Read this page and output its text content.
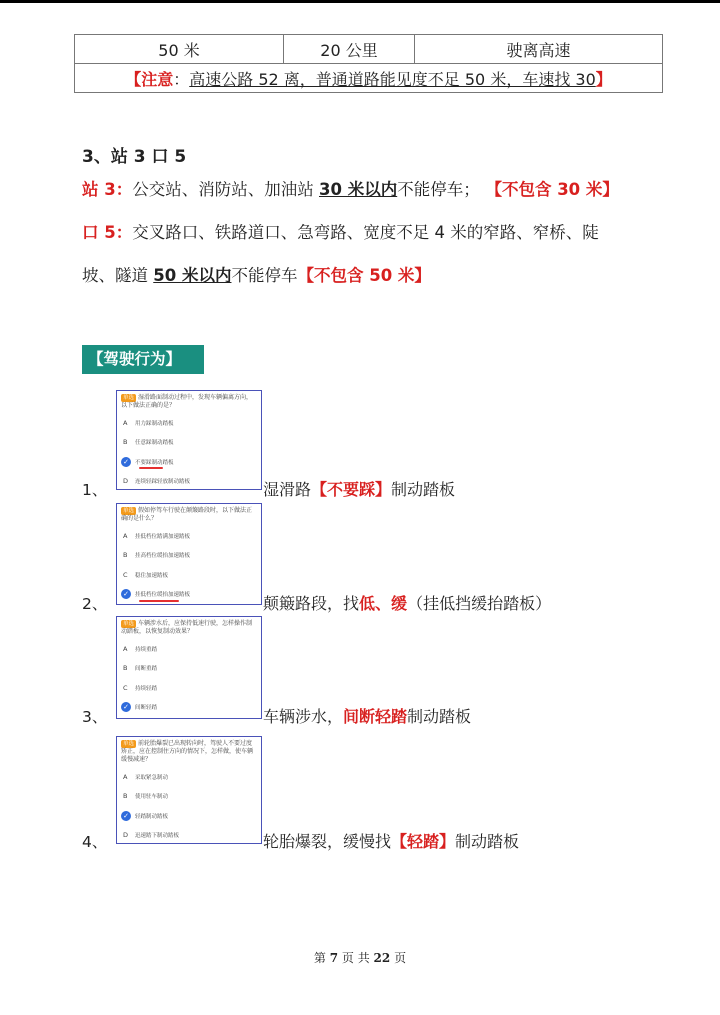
50 米	20 公里	驶离高速
【注意：高速公路 52 离，普通道路能见度不足 50 米，车速找 30】
3、站 3 口 5
站 3：公交站、消防站、加油站 30 米以内不能停车； 【不包含 30 米】
口 5：交叉路口、铁路道口、急弯路、宽度不足 4 米的窄路、窄桥、陡
坡、隧道 50 米以内不能停车【不包含 50 米】
【驾驶行为】
单选 湿滑路面制动过程中，发现车辆偏离方向，以下做法正确的是？
A	用力踩制动踏板
B	任意踩制动踏板
✓	不要踩制动踏板
D	连续轻踩轻放制动踏板
1、	湿滑路【不要踩】制动踏板
单选 假如停驾车行驶在颠簸路段时，以下做法正确的是什么？
A	挂低档位踏满加速踏板
B	挂高档位缓抬加速踏板
C	稳住加速踏板
✓	挂低档位缓抬加速踏板
2、	颠簸路段，找低、缓（挂低挡缓抬踏板）
单选 车辆涉水后，应保持低速行驶，怎样操作制动踏板，以恢复制动效果？
A	持续重踏
B	间断重踏
C	持续轻踏
✓	间断轻踏
3、	车辆涉水，间断轻踏制动踏板
单选 前轮胎爆裂已出现转向时，驾驶人不要过度矫正，应在控制住方向的情况下，怎样做，使车辆缓慢减速？
A	采取紧急制动
B	使用驻车制动
✓	轻踏制动踏板
D	迅速踏下制动踏板
4、	轮胎爆裂，缓慢找【轻踏】制动踏板
第 7 页 共 22 页
